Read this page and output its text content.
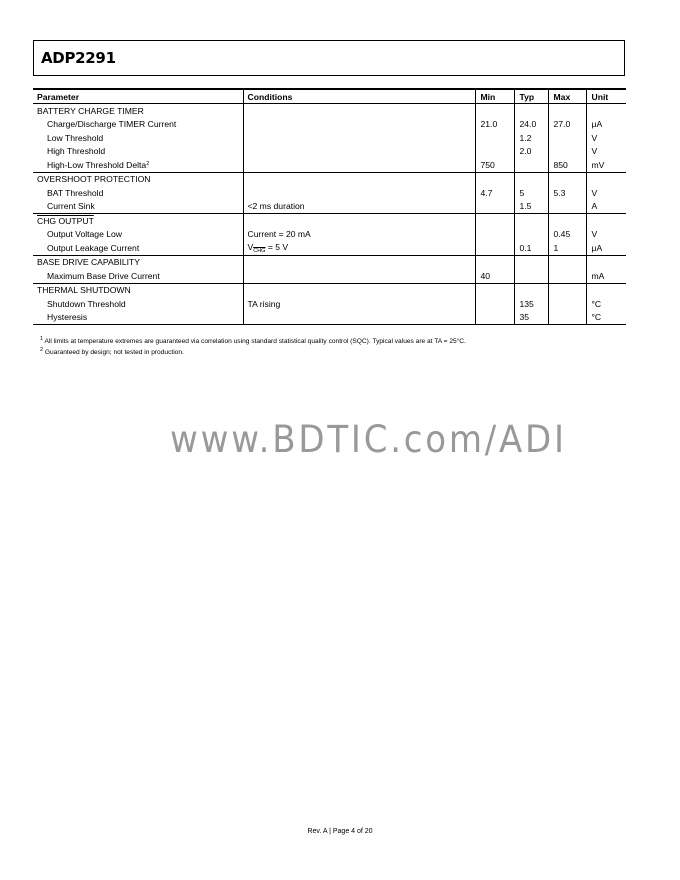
ADP2291
Parameter	Conditions	Min	Typ	Max	Unit
BATTERY CHARGE TIMER					
Charge/Discharge TIMER Current		21.0	24.0	27.0	μA
Low Threshold			1.2		V
High Threshold			2.0		V
High-Low Threshold Delta$^2$		750		850	mV
OVERSHOOT PROTECTION					
BAT Threshold		4.7	5	5.3	V
Current Sink	<2 ms duration		1.5		A
CHG OUTPUT					
Output Voltage Low	Current = 20 mA			0.45	V
Output Leakage Current	$V_{\overline{CHG}} = 5$ V		0.1	1	μA
BASE DRIVE CAPABILITY					
Maximum Base Drive Current		40			mA
THERMAL SHUTDOWN					
Shutdown Threshold	TA rising		135		°C
Hysteresis			35		°C
$^1$ All limits at temperature extremes are guaranteed via correlation using standard statistical quality control (SQC). Typical values are at TA = 25°C.
$^2$ Guaranteed by design; not tested in production.
www.BDTIC.com/ADI
Rev. A | Page 4 of 20
